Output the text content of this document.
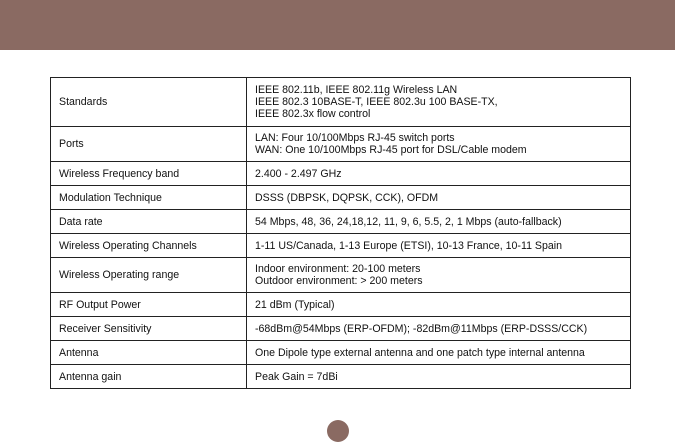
Standards	IEEE 802.11b, IEEE 802.11g Wireless LAN
IEEE 802.3 10BASE-T, IEEE 802.3u 100 BASE-TX,
IEEE 802.3x flow control

Ports	LAN: Four 10/100Mbps RJ-45 switch ports
WAN: One 10/100Mbps RJ-45 port for DSL/Cable modem

Wireless Frequency band	2.400 - 2.497 GHz

Modulation Technique	DSSS (DBPSK, DQPSK, CCK), OFDM

Data rate	54 Mbps, 48, 36, 24,18,12, 11, 9, 6, 5.5, 2, 1 Mbps (auto-fallback)

Wireless Operating Channels	1-11 US/Canada, 1-13 Europe (ETSI), 10-13 France, 10-11 Spain

Wireless Operating range	Indoor environment: 20-100 meters
Outdoor environment: > 200 meters

RF Output Power	21 dBm (Typical)

Receiver Sensitivity	-68dBm@54Mbps (ERP-OFDM); -82dBm@11Mbps (ERP-DSSS/CCK)

Antenna	One Dipole type external antenna and one patch type internal antenna

Antenna gain	Peak Gain = 7dBi
